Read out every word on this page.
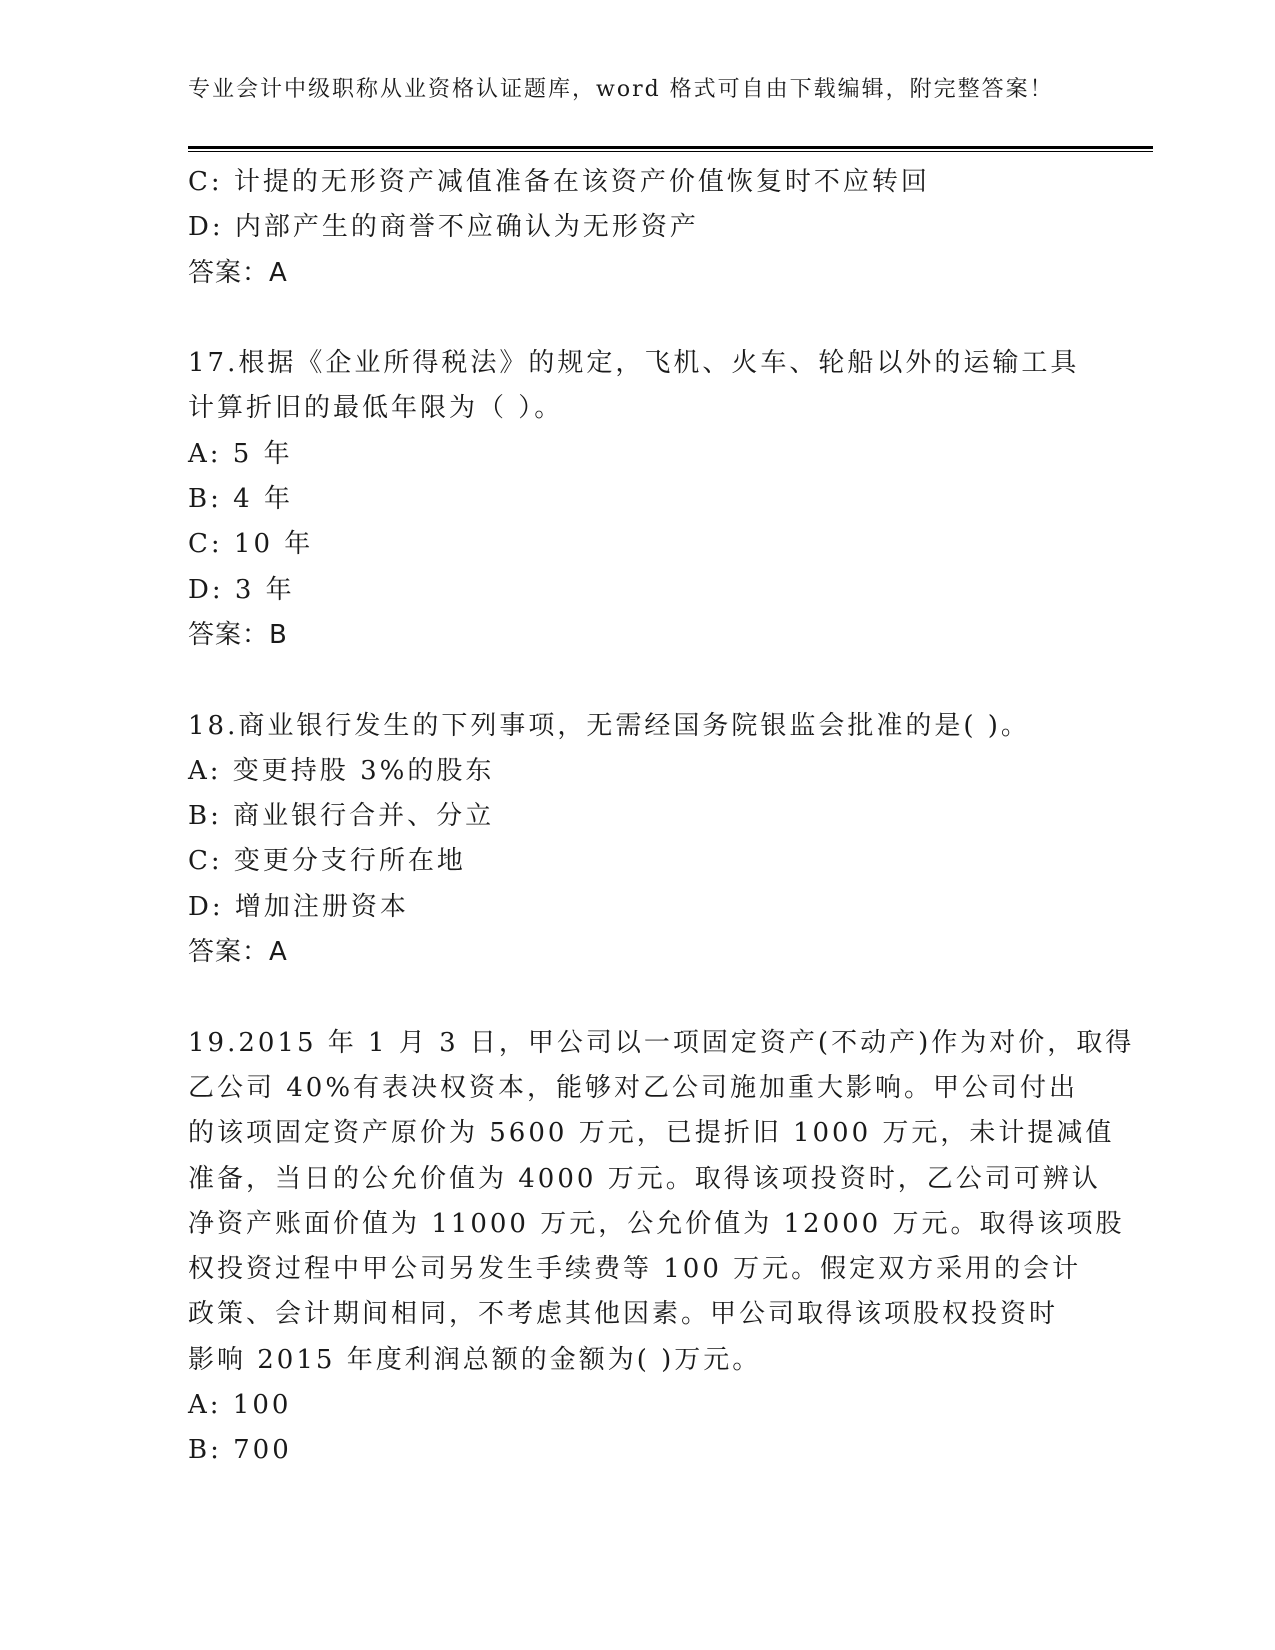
专业会计中级职称从业资格认证题库，word 格式可自由下载编辑，附完整答案！
C: 计提的无形资产减值准备在该资产价值恢复时不应转回
D: 内部产生的商誉不应确认为无形资产
答案：A
17.根据《企业所得税法》的规定，飞机、火车、轮船以外的运输工具
计算折旧的最低年限为（ ）。
A: 5 年
B: 4 年
C: 10 年
D: 3 年
答案：B
18.商业银行发生的下列事项，无需经国务院银监会批准的是( )。
A: 变更持股 3%的股东
B: 商业银行合并、分立
C: 变更分支行所在地
D: 增加注册资本
答案：A
19.2015 年 1 月 3 日，甲公司以一项固定资产(不动产)作为对价，取得
乙公司 40%有表决权资本，能够对乙公司施加重大影响。甲公司付出
的该项固定资产原价为 5600 万元，已提折旧 1000 万元，未计提减值
准备，当日的公允价值为 4000 万元。取得该项投资时，乙公司可辨认
净资产账面价值为 11000 万元，公允价值为 12000 万元。取得该项股
权投资过程中甲公司另发生手续费等 100 万元。假定双方采用的会计
政策、会计期间相同，不考虑其他因素。甲公司取得该项股权投资时
影响 2015 年度利润总额的金额为( )万元。
A: 100
B: 700
